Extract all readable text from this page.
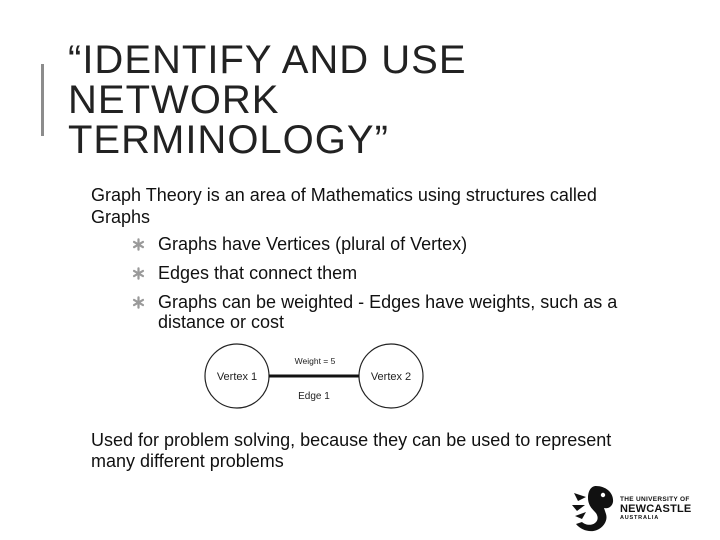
“IDENTIFY AND USE
NETWORK
TERMINOLOGY”

Graph Theory is an area of Mathematics using structures called Graphs

Graphs have Vertices (plural of Vertex)
Edges that connect them
Graphs can be weighted - Edges have weights, such as a distance or cost
Vertex 1	Vertex 2
Weight = 5
Edge 1

Used for problem solving, because they can be used to represent many different problems

THE UNIVERSITY OF
NEWCASTLE
AUSTRALIA
